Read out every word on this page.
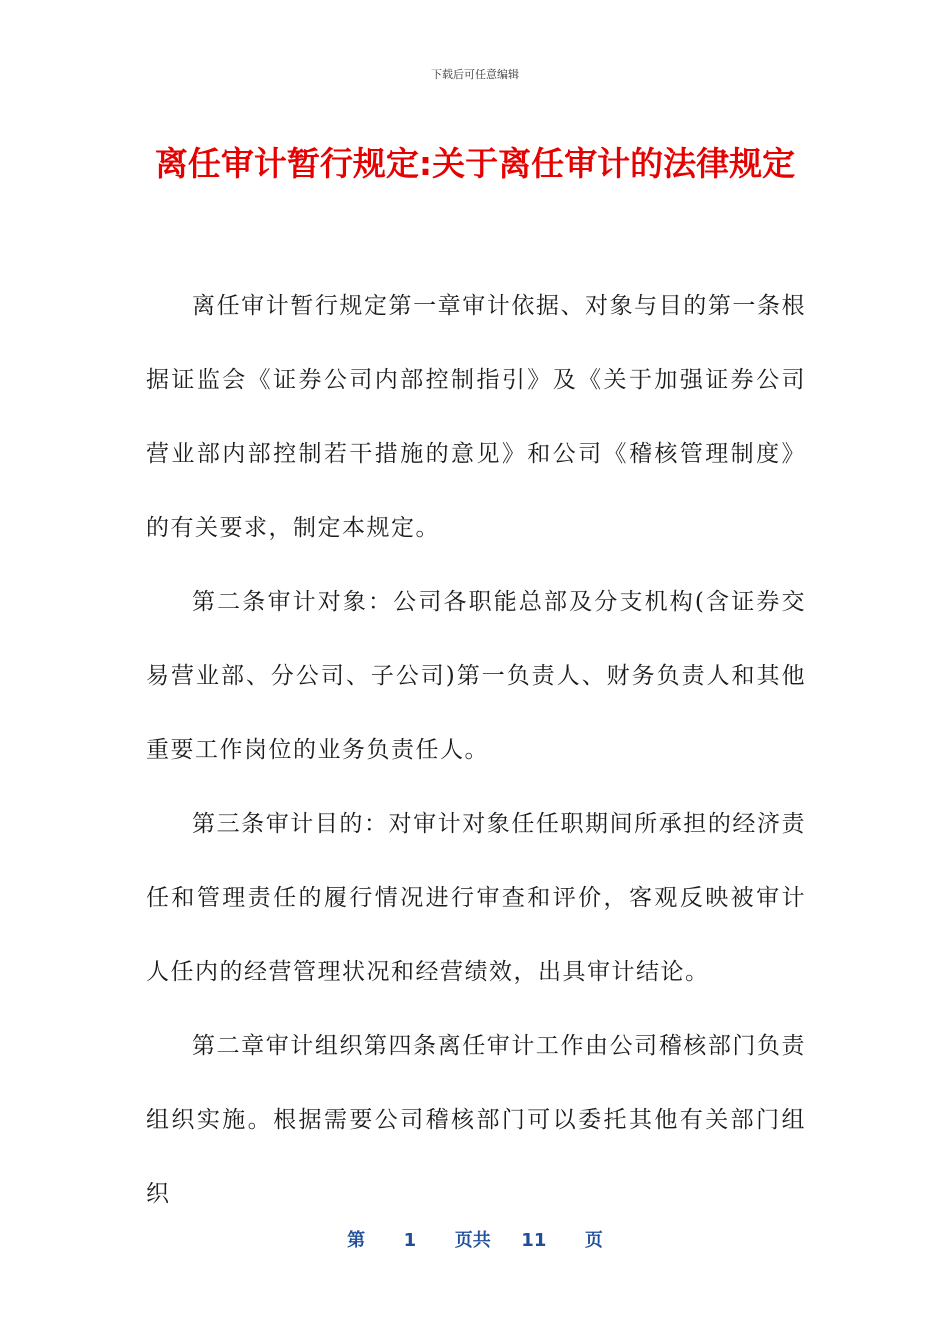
下载后可任意编辑
离任审计暂行规定:关于离任审计的法律规定

离任审计暂行规定第一章审计依据、对象与目的第一条根据证监会《证券公司内部控制指引》及《关于加强证券公司营业部内部控制若干措施的意见》和公司《稽核管理制度》的有关要求，制定本规定。

第二条审计对象：公司各职能总部及分支机构(含证券交易营业部、分公司、子公司)第一负责人、财务负责人和其他重要工作岗位的业务负责任人。

第三条审计目的：对审计对象任任职期间所承担的经济责任和管理责任的履行情况进行审查和评价，客观反映被审计人任内的经营管理状况和经营绩效，出具审计结论。

第二章审计组织第四条离任审计工作由公司稽核部门负责组织实施。根据需要公司稽核部门可以委托其他有关部门组织

第 1 页共 11 页
